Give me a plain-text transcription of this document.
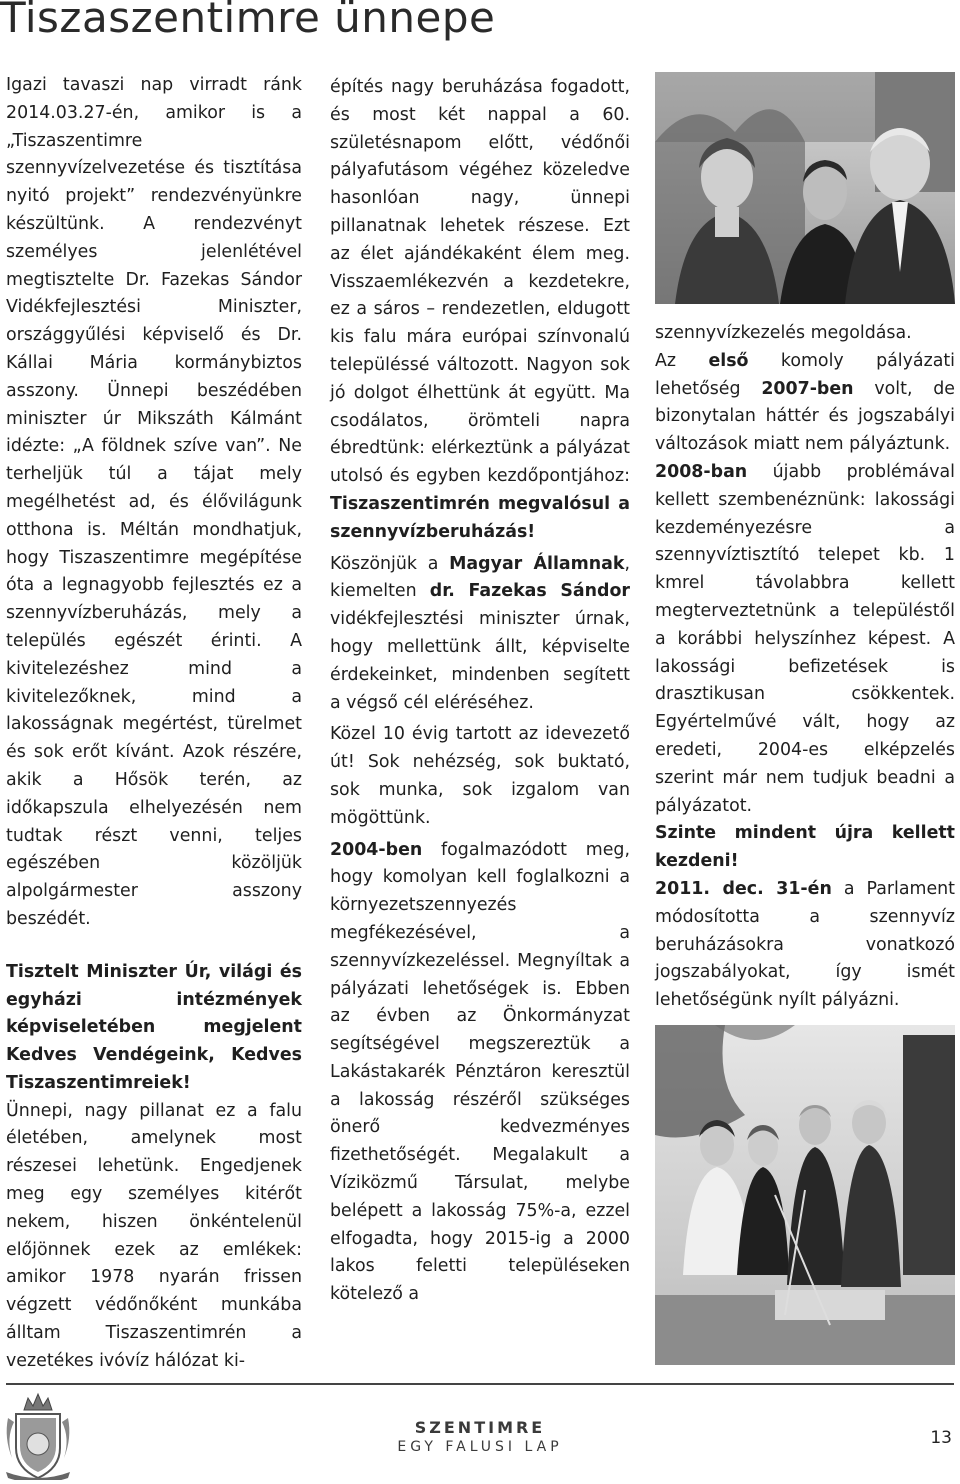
Tiszaszentimre ünnepe

Igazi tavaszi nap virradt ránk 2014.03.27-én, amikor is a „Tiszaszentimre szennyvízelvezetése és tisztítása nyitó projekt” rendezvényünkre készültünk. A rendezvényt személyes jelenlétével megtisztelte Dr. Fazekas Sándor Vidékfejlesztési Miniszter, országgyűlési képviselő és Dr. Kállai Mária kormánybiztos asszony. Ünnepi beszédében miniszter úr Mikszáth Kálmánt idézte: „A földnek szíve van”. Ne terheljük túl a tájat mely megélhetést ad, és élővilágunk otthona is. Méltán mondhatjuk, hogy Tiszaszentimre megépítése óta a legnagyobb fejlesztés ez a szennyvízberuházás, mely a település egészét érinti. A kivitelezéshez mind a kivitelezőknek, mind a lakosságnak megértést, türelmet és sok erőt kívánt. Azok részére, akik a Hősök terén, az időkapszula elhelyezésén nem tudtak részt venni, teljes egészében közöljük alpolgármester asszony beszédét.

Tisztelt Miniszter Úr, világi és egyházi intézmények képviseletében megjelent Kedves Vendégeink, Kedves Tiszaszentimreiek!

Ünnepi, nagy pillanat ez a falu életében, amelynek most részesei lehetünk. Engedjenek meg egy személyes kitérőt nekem, hiszen önkéntelenül előjönnek ezek az emlékek: amikor 1978 nyarán frissen végzett védőnőként munkába álltam Tiszaszentimrén a vezetékes ivóvíz hálózat ki-

építés nagy beruházása fogadott, és most két nappal a 60. születésnapom előtt, védőnői pályafutásom végéhez közeledve hasonlóan nagy, ünnepi pillanatnak lehetek részese. Ezt az élet ajándékaként élem meg. Visszaemlékezvén a kezdetekre, ez a sáros – rendezetlen, eldugott kis falu mára európai színvonalú településsé változott. Nagyon sok jó dolgot élhettünk át együtt. Ma csodálatos, örömteli napra ébredtünk: elérkeztünk a pályázat utolsó és egyben kezdőpontjához: Tiszaszentimrén megvalósul a szennyvízberuházás!

Köszönjük a Magyar Államnak, kiemelten dr. Fazekas Sándor vidékfejlesztési miniszter úrnak, hogy mellettünk állt, képviselte érdekeinket, mindenben segített a végső cél eléréséhez.

Közel 10 évig tartott az idevezető út! Sok nehézség, sok buktató, sok munka, sok izgalom van mögöttünk.

2004-ben fogalmazódott meg, hogy komolyan kell foglalkozni a környezetszennyezés megfékezésével, a szennyvízkezeléssel. Megnyíltak a pályázati lehetőségek is. Ebben az évben az Önkormányzat segítségével megszereztük a Lakástakarék Pénztáron keresztül a lakosság részéről szükséges önerő kedvezményes fizethetőségét. Megalakult a Víziközmű Társulat, melybe belépett a lakosság 75%-a, ezzel elfogadta, hogy 2015-ig a 2000 lakos feletti településeken kötelező a

szennyvízkezelés megoldása.

Az első komoly pályázati lehetőség 2007-ben volt, de bizonytalan háttér és jogszabályi változások miatt nem pályáztunk.

2008-ban újabb problémával kellett szembenéznünk: lakossági kezdeményezésre a szennyvíztisztító telepet kb. 1 kmrel távolabbra kellett megterveztetnünk a településtől a korábbi helyszínhez képest. A lakossági befizetések is drasztikusan csökkentek. Egyértelművé vált, hogy az eredeti, 2004-es elképzelés szerint már nem tudjuk beadni a pályázatot.

Szinte mindent újra kellett kezdeni!

2011. dec. 31-én a Parlament módosította a szennyvíz beruházásokra vonatkozó jogszabályokat, így ismét lehetőségünk nyílt pályázni.

SZENTIMRE
EGY FALUSI LAP	13
